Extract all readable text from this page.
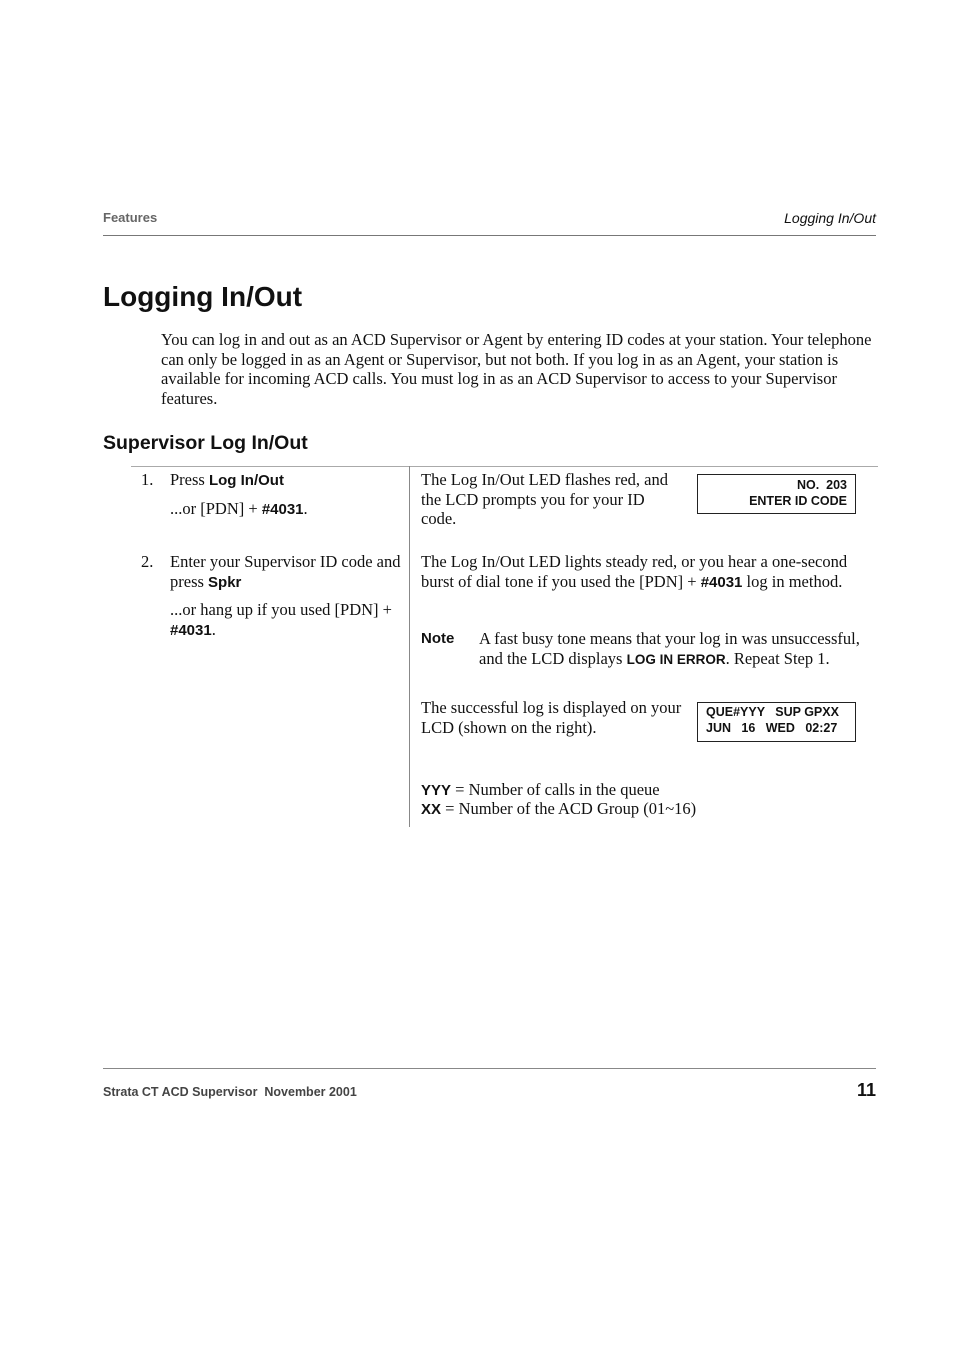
Features	Logging In/Out
Logging In/Out

You can log in and out as an ACD Supervisor or Agent by entering ID codes at your station. Your telephone can only be logged in as an Agent or Supervisor, but not both. If you log in as an Agent, your station is available for incoming ACD calls. You must log in as an ACD Supervisor to access to your Supervisor features.

Supervisor Log In/Out
1. Press Log In/Out

...or [PDN] + #4031.

The Log In/Out LED flashes red, and the LCD prompts you for your ID code.

NO.  203
ENTER ID CODE
2. Enter your Supervisor ID code and press Spkr

...or hang up if you used [PDN] + #4031.

The Log In/Out LED lights steady red, or you hear a one-second burst of dial tone if you used the [PDN] + #4031 log in method.

Note A fast busy tone means that your log in was unsuccessful, and the LCD displays LOG IN ERROR. Repeat Step 1.

The successful log is displayed on your LCD (shown on the right).

QUE#YYY   SUP GPXX
JUN   16   WED   02:27

YYY = Number of calls in the queue

XX = Number of the ACD Group (01~16)

Strata CT ACD Supervisor  November 2001	11
